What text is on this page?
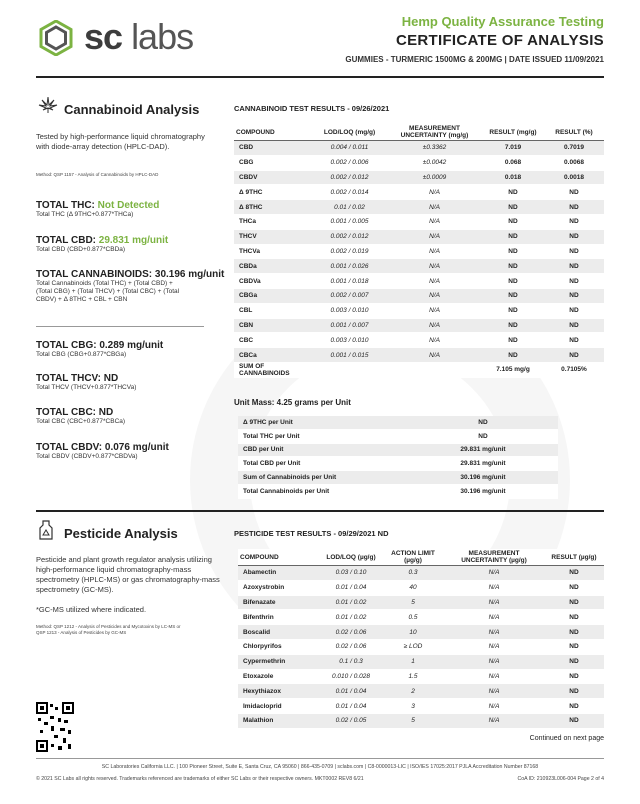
sc labs	Hemp Quality Assurance Testing
CERTIFICATE OF ANALYSIS
GUMMIES - TURMERIC 1500MG & 200MG | DATE ISSUED 11/09/2021
Cannabinoid Analysis
Tested by high-performance liquid chromatography with diode-array detection (HPLC-DAD).
Method: QSP 1157 - Analysis of Cannabinoids by HPLC-DAD
TOTAL THC: Not Detected
Total THC (Δ 9THC+0.877*THCa)
TOTAL CBD: 29.831 mg/unit
Total CBD (CBD+0.877*CBDa)
TOTAL CANNABINOIDS: 30.196 mg/unit
Total Cannabinoids (Total THC) + (Total CBD) + (Total CBG) + (Total THCV) + (Total CBC) + (Total CBDV) + Δ 8THC + CBL + CBN
TOTAL CBG: 0.289 mg/unit
Total CBG (CBG+0.877*CBGa)
TOTAL THCV: ND
Total THCV (THCV+0.877*THCVa)
TOTAL CBC: ND
Total CBC (CBC+0.877*CBCa)
TOTAL CBDV: 0.076 mg/unit
Total CBDV (CBDV+0.877*CBDVa)
CANNABINOID TEST RESULTS - 09/26/2021
COMPOUND	LOD/LOQ (mg/g)	MEASUREMENT UNCERTAINTY (mg/g)	RESULT (mg/g)	RESULT (%)
CBD	0.004 / 0.011	±0.3362	7.019	0.7019
CBG	0.002 / 0.006	±0.0042	0.068	0.0068
CBDV	0.002 / 0.012	±0.0009	0.018	0.0018
Δ 9THC	0.002 / 0.014	N/A	ND	ND
Δ 8THC	0.01 / 0.02	N/A	ND	ND
THCa	0.001 / 0.005	N/A	ND	ND
THCV	0.002 / 0.012	N/A	ND	ND
THCVa	0.002 / 0.019	N/A	ND	ND
CBDa	0.001 / 0.026	N/A	ND	ND
CBDVa	0.001 / 0.018	N/A	ND	ND
CBGa	0.002 / 0.007	N/A	ND	ND
CBL	0.003 / 0.010	N/A	ND	ND
CBN	0.001 / 0.007	N/A	ND	ND
CBC	0.003 / 0.010	N/A	ND	ND
CBCa	0.001 / 0.015	N/A	ND	ND
SUM OF CANNABINOIDS			7.105 mg/g	0.7105%
Unit Mass: 4.25 grams per Unit
Δ 9THC per Unit	ND
Total THC per Unit	ND
CBD per Unit	29.831 mg/unit
Total CBD per Unit	29.831 mg/unit
Sum of Cannabinoids per Unit	30.196 mg/unit
Total Cannabinoids per Unit	30.196 mg/unit
Pesticide Analysis
Pesticide and plant growth regulator analysis utilizing high-performance liquid chromatography-mass spectrometry (HPLC-MS) or gas chromatography-mass spectrometry (GC-MS).
*GC-MS utilized where indicated.
Method: QSP 1212 - Analysis of Pesticides and Mycotoxins by LC-MS or QSP 1213 - Analysis of Pesticides by GC-MS
PESTICIDE TEST RESULTS - 09/29/2021 ND
COMPOUND	LOD/LOQ (µg/g)	ACTION LIMIT (µg/g)	MEASUREMENT UNCERTAINTY (µg/g)	RESULT (µg/g)
Abamectin	0.03 / 0.10	0.3	N/A	ND
Azoxystrobin	0.01 / 0.04	40	N/A	ND
Bifenazate	0.01 / 0.02	5	N/A	ND
Bifenthrin	0.01 / 0.02	0.5	N/A	ND
Boscalid	0.02 / 0.06	10	N/A	ND
Chlorpyrifos	0.02 / 0.06	≥ LOD	N/A	ND
Cypermethrin	0.1 / 0.3	1	N/A	ND
Etoxazole	0.010 / 0.028	1.5	N/A	ND
Hexythiazox	0.01 / 0.04	2	N/A	ND
Imidacloprid	0.01 / 0.04	3	N/A	ND
Malathion	0.02 / 0.05	5	N/A	ND
Continued on next page
SC Laboratories California LLC. | 100 Pioneer Street, Suite E, Santa Cruz, CA 95060 | 866-435-0709 | sclabs.com | C8-0000013-LIC | ISO/IES 17025:2017 PJLA Accreditation Number 87168
© 2021 SC Labs all rights reserved. Trademarks referenced are trademarks of either SC Labs or their respective owners. MKT0002 REV8 6/21	CoA ID: 210923L006-004 Page 2 of 4
